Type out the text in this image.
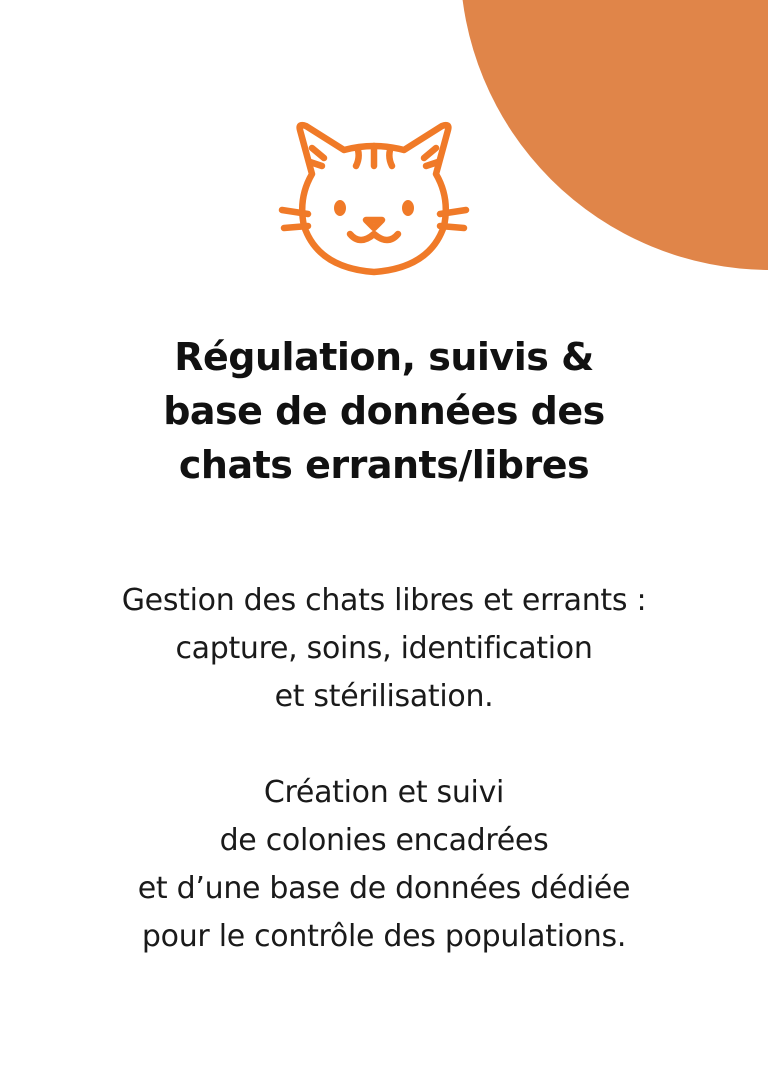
Régulation, suivis &
base de données des
chats errants/libres
Gestion des chats libres et errants :
capture, soins, identification
et stérilisation.
Création et suivi
de colonies encadrées
et d’une base de données dédiée
pour le contrôle des populations.
